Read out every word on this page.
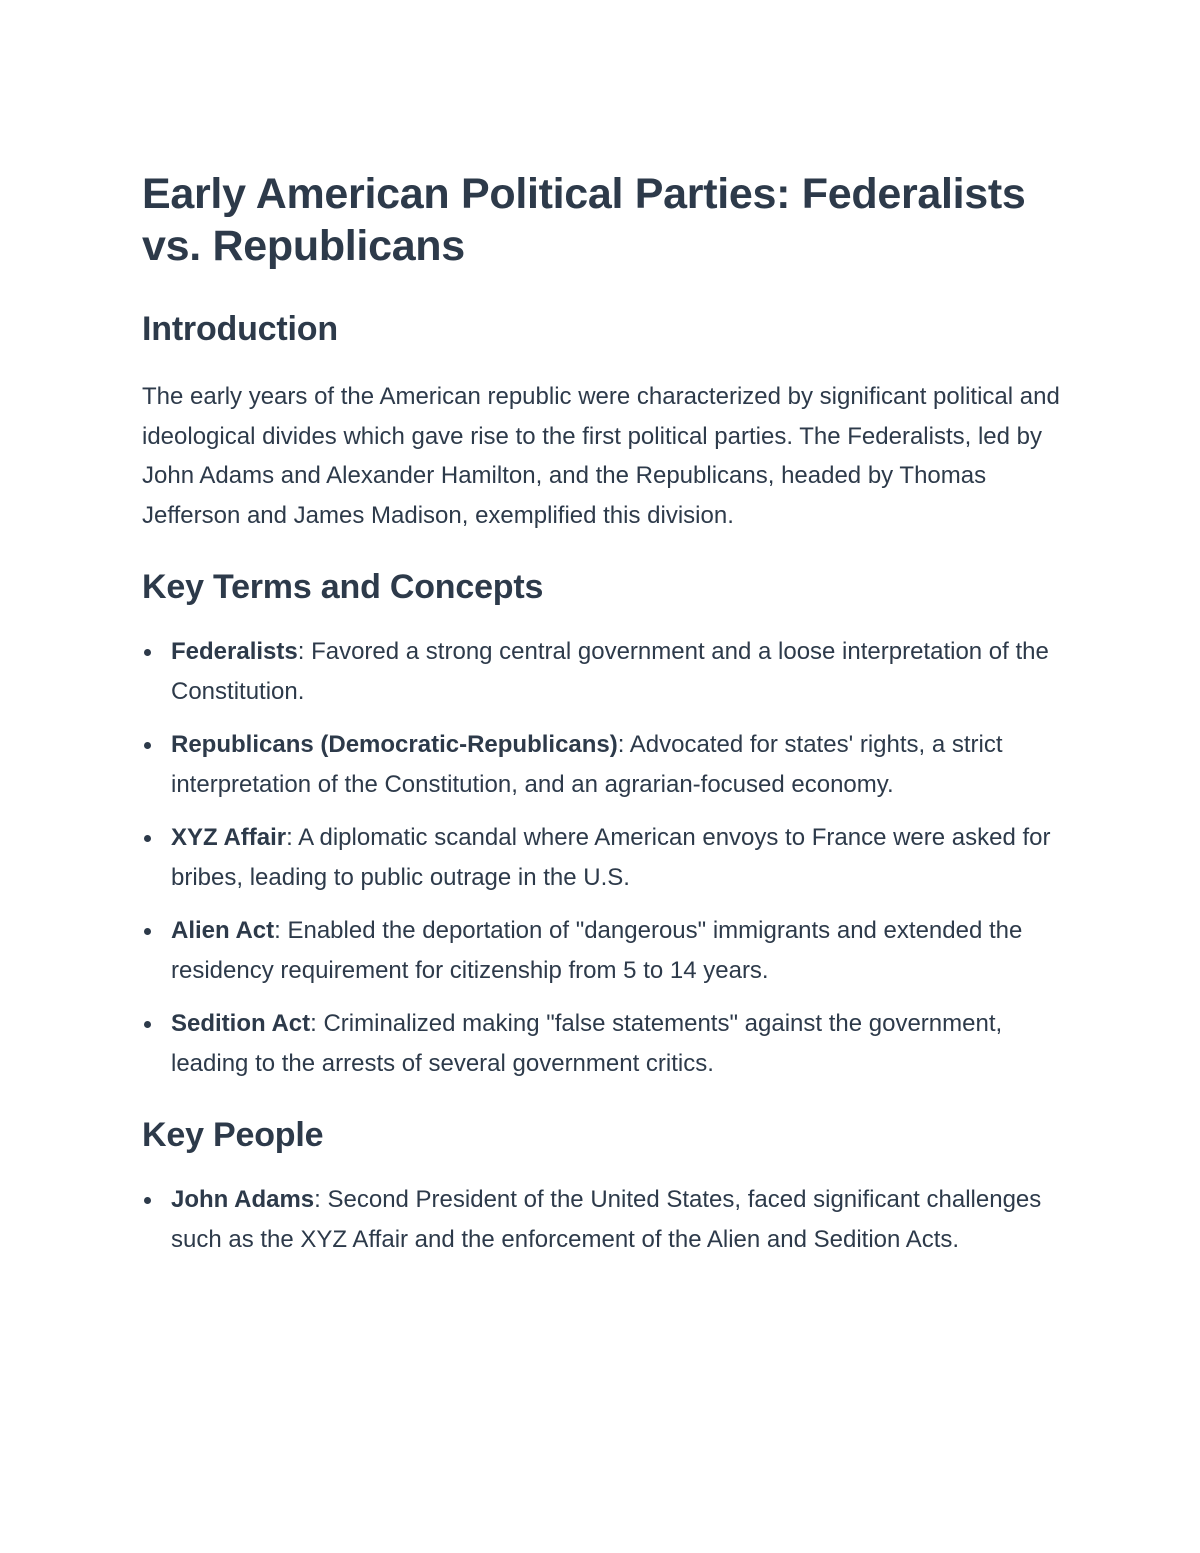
Early American Political Parties: Federalists vs. Republicans
Introduction

The early years of the American republic were characterized by significant political and ideological divides which gave rise to the first political parties. The Federalists, led by John Adams and Alexander Hamilton, and the Republicans, headed by Thomas Jefferson and James Madison, exemplified this division.

Key Terms and Concepts
Federalists: Favored a strong central government and a loose interpretation of the Constitution.
Republicans (Democratic-Republicans): Advocated for states' rights, a strict interpretation of the Constitution, and an agrarian-focused economy.
XYZ Affair: A diplomatic scandal where American envoys to France were asked for bribes, leading to public outrage in the U.S.
Alien Act: Enabled the deportation of "dangerous" immigrants and extended the residency requirement for citizenship from 5 to 14 years.
Sedition Act: Criminalized making "false statements" against the government, leading to the arrests of several government critics.
Key People
John Adams: Second President of the United States, faced significant challenges such as the XYZ Affair and the enforcement of the Alien and Sedition Acts.
